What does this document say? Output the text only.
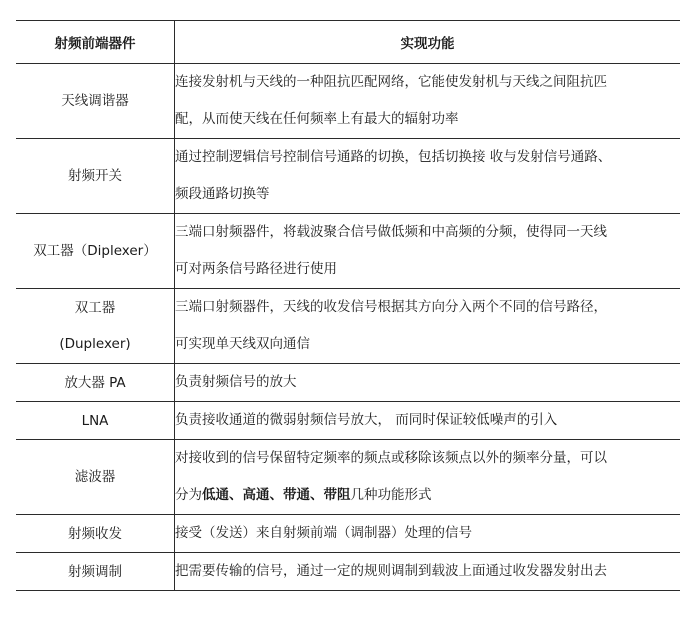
射频前端器件	实现功能
天线调谐器	连接发射机与天线的一种阻抗匹配网络，它能使发射机与天线之间阻抗匹
配，从而使天线在任何频率上有最大的辐射功率

射频开关	通过控制逻辑信号控制信号通路的切换，包括切换接 收与发射信号通路、
频段通路切换等

双工器（Diplexer）	三端口射频器件，将载波聚合信号做低频和中高频的分频，使得同一天线
可对两条信号路径进行使用

双工器
(Duplexer)	三端口射频器件，天线的收发信号根据其方向分入两个不同的信号路径，
可实现单天线双向通信

放大器 PA	负责射频信号的放大
LNA	负责接收通道的微弱射频信号放大， 而同时保证较低噪声的引入
滤波器	对接收到的信号保留特定频率的频点或移除该频点以外的频率分量，可以
分为低通、高通、带通、带阻几种功能形式

射频收发	接受（发送）来自射频前端（调制器）处理的信号
射频调制	把需要传输的信号，通过一定的规则调制到载波上面通过收发器发射出去
